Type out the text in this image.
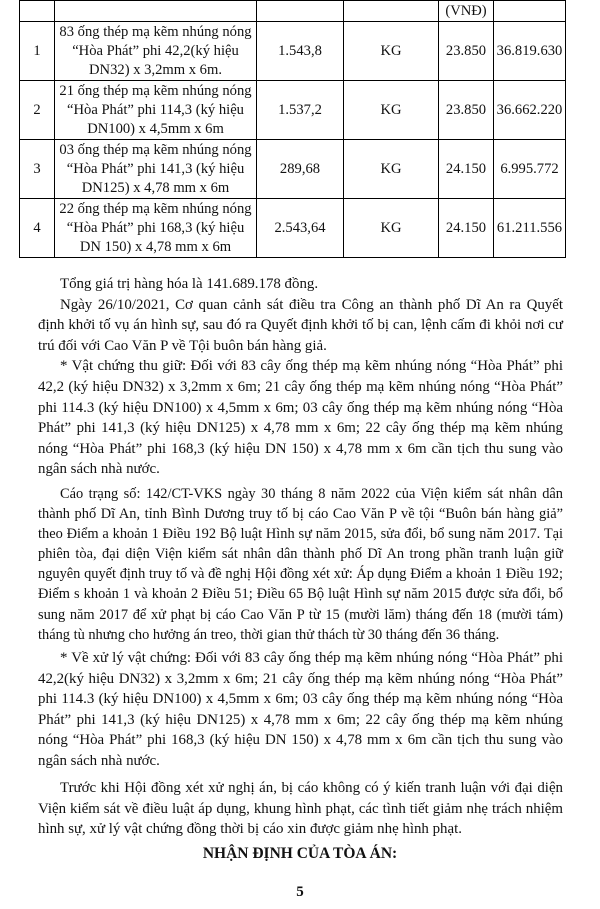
				(VNĐ)	
1	83 ống thép mạ kẽm nhúng nóng “Hòa Phát” phi 42,2(ký hiệu DN32) x 3,2mm x 6m.	1.543,8	KG	23.850	36.819.630
2	21 ống thép mạ kẽm nhúng nóng “Hòa Phát” phi 114,3 (ký hiệu DN100) x 4,5mm x 6m	1.537,2	KG	23.850	36.662.220
3	03 ống thép mạ kẽm nhúng nóng “Hòa Phát” phi 141,3 (ký hiệu DN125) x 4,78 mm x 6m	289,68	KG	24.150	6.995.772
4	22 ống thép mạ kẽm nhúng nóng “Hòa Phát” phi 168,3 (ký hiệu DN 150) x 4,78 mm x 6m	2.543,64	KG	24.150	61.211.556

Tổng giá trị hàng hóa là 141.689.178 đồng.

Ngày 26/10/2021, Cơ quan cảnh sát điều tra Công an thành phố Dĩ An ra Quyết định khởi tố vụ án hình sự, sau đó ra Quyết định khởi tố bị can, lệnh cấm đi khỏi nơi cư trú đối với Cao Văn P về Tội buôn bán hàng giả.

* Vật chứng thu giữ: Đối với 83 cây ống thép mạ kẽm nhúng nóng “Hòa Phát” phi 42,2 (ký hiệu DN32) x 3,2mm x 6m; 21 cây ống thép mạ kẽm nhúng nóng “Hòa Phát” phi 114.3 (ký hiệu DN100) x 4,5mm x 6m; 03 cây ống thép mạ kẽm nhúng nóng “Hòa Phát” phi 141,3 (ký hiệu DN125) x 4,78 mm x 6m; 22 cây ống thép mạ kẽm nhúng nóng “Hòa Phát” phi 168,3 (ký hiệu DN 150) x 4,78 mm x 6m cần tịch thu sung vào ngân sách nhà nước.

Cáo trạng số: 142/CT-VKS ngày 30 tháng 8 năm 2022 của Viện kiểm sát nhân dân thành phố Dĩ An, tỉnh Bình Dương truy tố bị cáo Cao Văn P về tội “Buôn bán hàng giả” theo Điểm a khoản 1 Điều 192 Bộ luật Hình sự năm 2015, sửa đổi, bổ sung năm 2017. Tại phiên tòa, đại diện Viện kiểm sát nhân dân thành phố Dĩ An trong phần tranh luận giữ nguyên quyết định truy tố và đề nghị Hội đồng xét xử: Áp dụng Điểm a khoản 1 Điều 192; Điểm s khoản 1 và khoản 2 Điều 51; Điều 65 Bộ luật Hình sự năm 2015 được sửa đổi, bổ sung năm 2017 để xử phạt bị cáo Cao Văn P từ 15 (mười lăm) tháng đến 18 (mười tám) tháng tù nhưng cho hưởng án treo, thời gian thử thách từ 30 tháng đến 36 tháng.

* Về xử lý vật chứng: Đối với 83 cây ống thép mạ kẽm nhúng nóng “Hòa Phát” phi 42,2(ký hiệu DN32) x 3,2mm x 6m; 21 cây ống thép mạ kẽm nhúng nóng “Hòa Phát” phi 114.3 (ký hiệu DN100) x 4,5mm x 6m; 03 cây ống thép mạ kẽm nhúng nóng “Hòa Phát” phi 141,3 (ký hiệu DN125) x 4,78 mm x 6m; 22 cây ống thép mạ kẽm nhúng nóng “Hòa Phát” phi 168,3 (ký hiệu DN 150) x 4,78 mm x 6m cần tịch thu sung vào ngân sách nhà nước.

Trước khi Hội đồng xét xử nghị án, bị cáo không có ý kiến tranh luận với đại diện Viện kiểm sát về điều luật áp dụng, khung hình phạt, các tình tiết giảm nhẹ trách nhiệm hình sự, xử lý vật chứng đồng thời bị cáo xin được giảm nhẹ hình phạt.

NHẬN ĐỊNH CỦA TÒA ÁN:
5
